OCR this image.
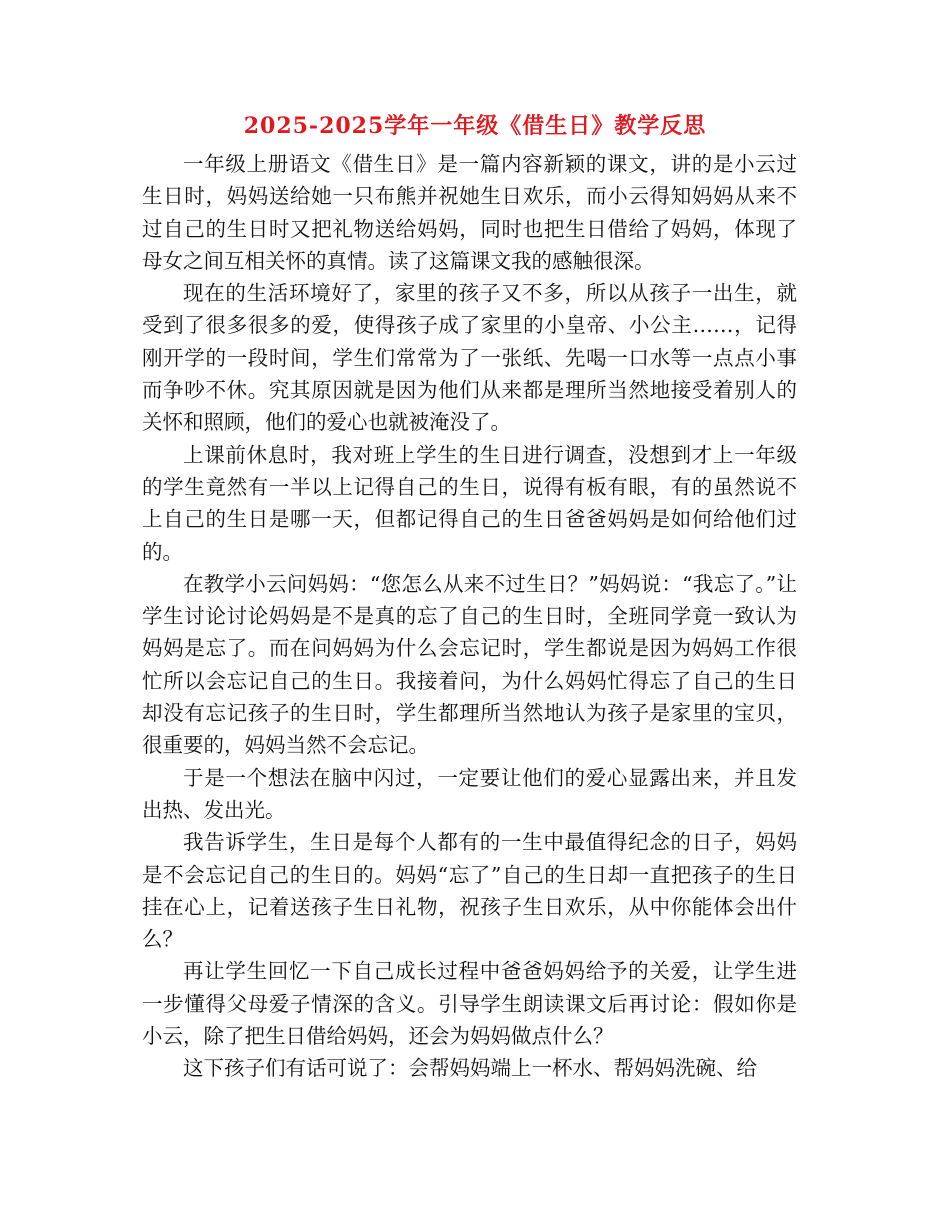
2025-2025学年一年级《借生日》教学反思

一年级上册语文《借生日》是一篇内容新颖的课文，讲的是小云过生日时，妈妈送给她一只布熊并祝她生日欢乐，而小云得知妈妈从来不过自己的生日时又把礼物送给妈妈，同时也把生日借给了妈妈，体现了母女之间互相关怀的真情。读了这篇课文我的感触很深。

现在的生活环境好了，家里的孩子又不多，所以从孩子一出生，就受到了很多很多的爱，使得孩子成了家里的小皇帝、小公主……，记得刚开学的一段时间，学生们常常为了一张纸、先喝一口水等一点点小事而争吵不休。究其原因就是因为他们从来都是理所当然地接受着别人的关怀和照顾，他们的爱心也就被淹没了。

上课前休息时，我对班上学生的生日进行调查，没想到才上一年级的学生竟然有一半以上记得自己的生日，说得有板有眼，有的虽然说不上自己的生日是哪一天，但都记得自己的生日爸爸妈妈是如何给他们过的。

在教学小云问妈妈：“您怎么从来不过生日？”妈妈说：“我忘了。”让学生讨论讨论妈妈是不是真的忘了自己的生日时，全班同学竟一致认为妈妈是忘了。而在问妈妈为什么会忘记时，学生都说是因为妈妈工作很忙所以会忘记自己的生日。我接着问，为什么妈妈忙得忘了自己的生日却没有忘记孩子的生日时，学生都理所当然地认为孩子是家里的宝贝，很重要的，妈妈当然不会忘记。

于是一个想法在脑中闪过，一定要让他们的爱心显露出来，并且发出热、发出光。

我告诉学生，生日是每个人都有的一生中最值得纪念的日子，妈妈是不会忘记自己的生日的。妈妈“忘了”自己的生日却一直把孩子的生日挂在心上，记着送孩子生日礼物，祝孩子生日欢乐，从中你能体会出什么？

再让学生回忆一下自己成长过程中爸爸妈妈给予的关爱，让学生进一步懂得父母爱子情深的含义。引导学生朗读课文后再讨论：假如你是小云，除了把生日借给妈妈，还会为妈妈做点什么？

这下孩子们有话可说了：会帮妈妈端上一杯水、帮妈妈洗碗、给
